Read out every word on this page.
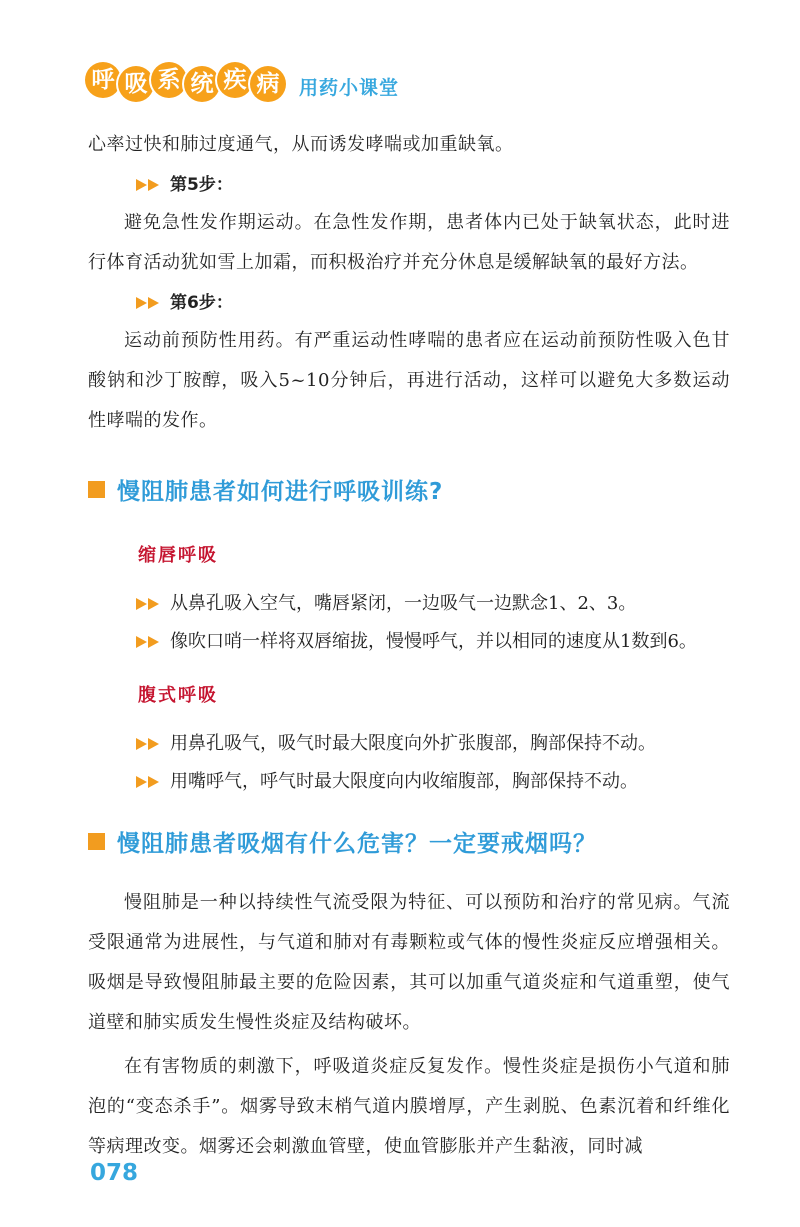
呼 吸 系 统 疾 病	用药小课堂

心率过快和肺过度通气，从而诱发哮喘或加重缺氧。

第5步：

避免急性发作期运动。在急性发作期，患者体内已处于缺氧状态，此时进行体育活动犹如雪上加霜，而积极治疗并充分休息是缓解缺氧的最好方法。

第6步：

运动前预防性用药。有严重运动性哮喘的患者应在运动前预防性吸入色甘酸钠和沙丁胺醇，吸入5~10分钟后，再进行活动，这样可以避免大多数运动性哮喘的发作。

慢阻肺患者如何进行呼吸训练?
缩唇呼吸
从鼻孔吸入空气，嘴唇紧闭，一边吸气一边默念1、2、3。
像吹口哨一样将双唇缩拢，慢慢呼气，并以相同的速度从1数到6。
腹式呼吸
用鼻孔吸气，吸气时最大限度向外扩张腹部，胸部保持不动。
用嘴呼气，呼气时最大限度向内收缩腹部，胸部保持不动。
慢阻肺患者吸烟有什么危害？一定要戒烟吗？

慢阻肺是一种以持续性气流受限为特征、可以预防和治疗的常见病。气流受限通常为进展性，与气道和肺对有毒颗粒或气体的慢性炎症反应增强相关。吸烟是导致慢阻肺最主要的危险因素，其可以加重气道炎症和气道重塑，使气道壁和肺实质发生慢性炎症及结构破坏。

在有害物质的刺激下，呼吸道炎症反复发作。慢性炎症是损伤小气道和肺泡的“变态杀手”。烟雾导致末梢气道内膜增厚，产生剥脱、色素沉着和纤维化等病理改变。烟雾还会刺激血管壁，使血管膨胀并产生黏液，同时减

078
